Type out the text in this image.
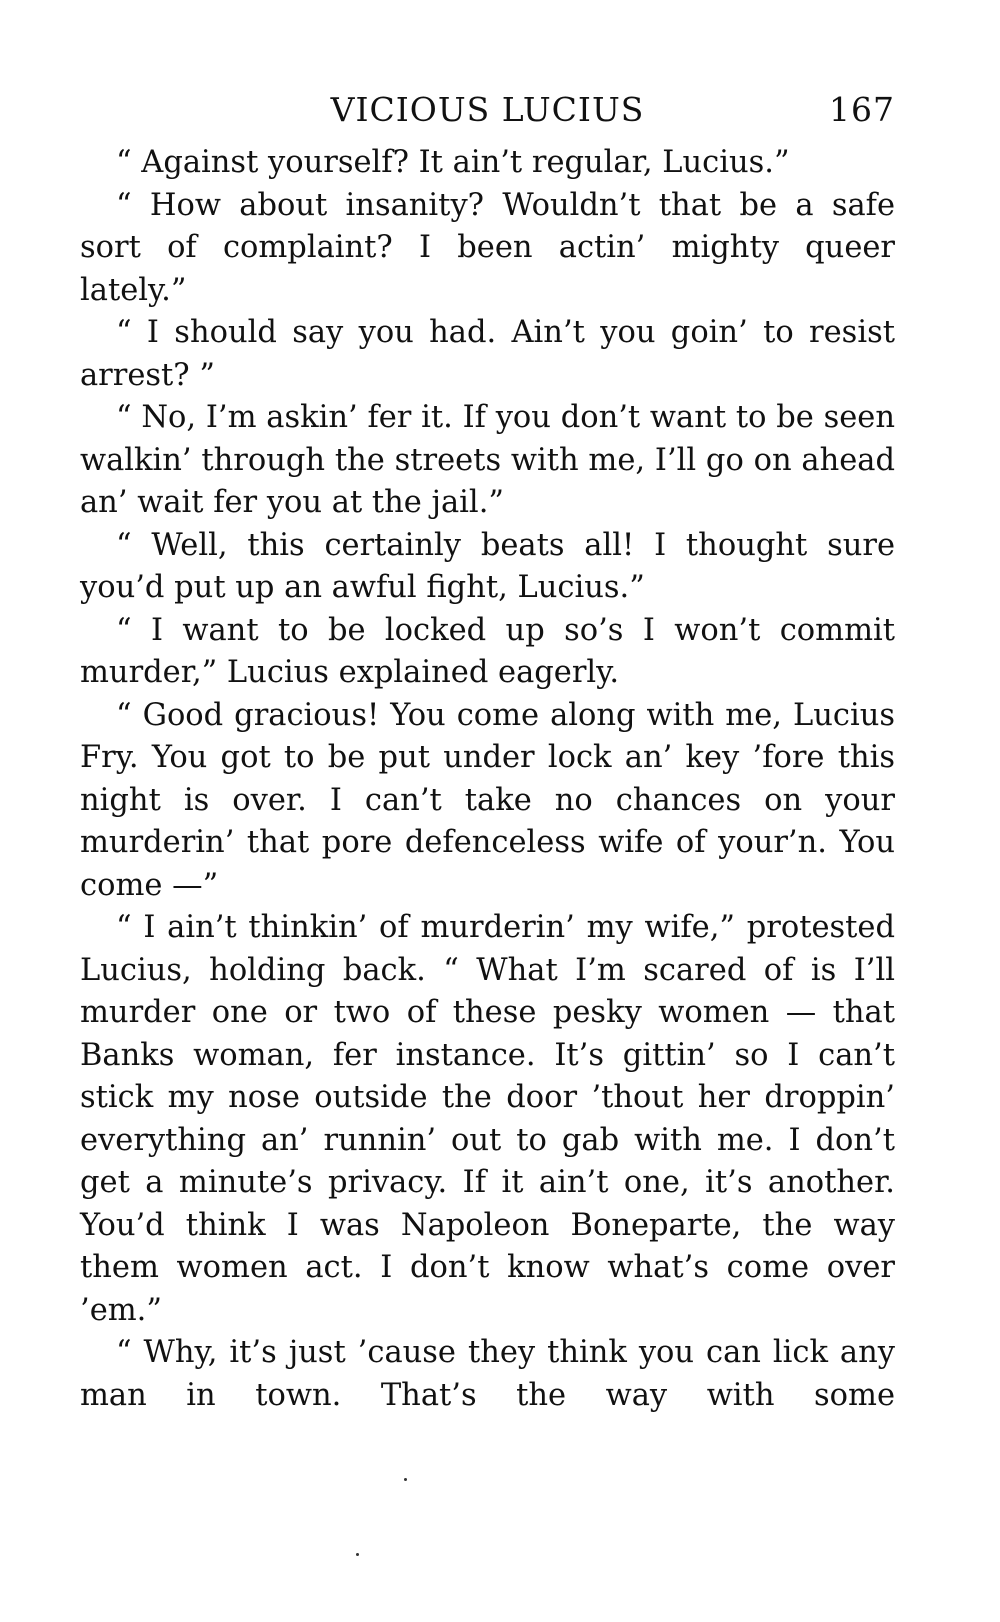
VICIOUS LUCIUS	167

“ Against yourself? It ain’t regular, Lucius.”

“ How about insanity? Wouldn’t that be a safe sort of complaint? I been actin’ mighty queer lately.”

“ I should say you had. Ain’t you goin’ to resist arrest? ”

“ No, I’m askin’ fer it. If you don’t want to be seen walkin’ through the streets with me, I’ll go on ahead an’ wait fer you at the jail.”

“ Well, this certainly beats all! I thought sure you’d put up an awful fight, Lucius.”

“ I want to be locked up so’s I won’t commit murder,” Lucius explained eagerly.

“ Good gracious! You come along with me, Lucius Fry. You got to be put under lock an’ key ’fore this night is over. I can’t take no chances on your murderin’ that pore defenceless wife of your’n. You come —”

“ I ain’t thinkin’ of murderin’ my wife,” protested Lucius, holding back. “ What I’m scared of is I’ll murder one or two of these pesky women — that Banks woman, fer instance. It’s gittin’ so I can’t stick my nose outside the door ’thout her droppin’ everything an’ runnin’ out to gab with me. I don’t get a minute’s privacy. If it ain’t one, it’s another. You’d think I was Napoleon Boneparte, the way them women act. I don’t know what’s come over ’em.”

“ Why, it’s just ’cause they think you can lick any man in town. That’s the way with some
